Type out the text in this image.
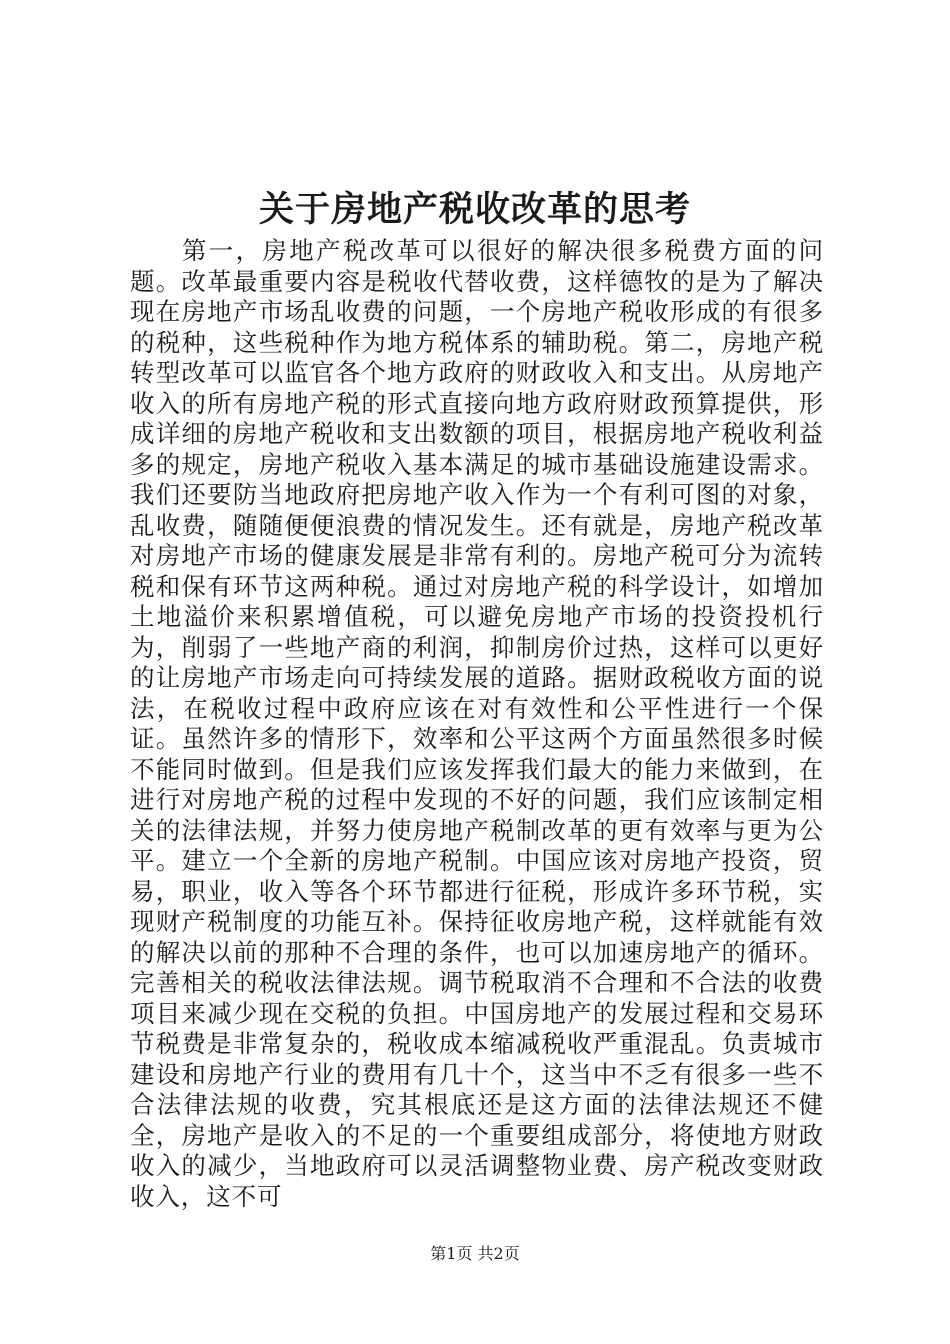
关于房地产税收改革的思考

第一，房地产税改革可以很好的解决很多税费方面的问题。改革最重要内容是税收代替收费，这样德牧的是为了解决现在房地产市场乱收费的问题，一个房地产税收形成的有很多的税种，这些税种作为地方税体系的辅助税。第二，房地产税转型改革可以监官各个地方政府的财政收入和支出。从房地产收入的所有房地产税的形式直接向地方政府财政预算提供，形成详细的房地产税收和支出数额的项目，根据房地产税收利益多的规定，房地产税收入基本满足的城市基础设施建设需求。我们还要防当地政府把房地产收入作为一个有利可图的对象，乱收费，随随便便浪费的情况发生。还有就是，房地产税改革对房地产市场的健康发展是非常有利的。房地产税可分为流转税和保有环节这两种税。通过对房地产税的科学设计，如增加土地溢价来积累增值税，可以避免房地产市场的投资投机行为，削弱了一些地产商的利润，抑制房价过热，这样可以更好的让房地产市场走向可持续发展的道路。据财政税收方面的说法，在税收过程中政府应该在对有效性和公平性进行一个保证。虽然许多的情形下，效率和公平这两个方面虽然很多时候不能同时做到。但是我们应该发挥我们最大的能力来做到，在进行对房地产税的过程中发现的不好的问题，我们应该制定相关的法律法规，并努力使房地产税制改革的更有效率与更为公平。建立一个全新的房地产税制。中国应该对房地产投资，贸易，职业，收入等各个环节都进行征税，形成许多环节税，实现财产税制度的功能互补。保持征收房地产税，这样就能有效的解决以前的那种不合理的条件，也可以加速房地产的循环。完善相关的税收法律法规。调节税取消不合理和不合法的收费项目来减少现在交税的负担。中国房地产的发展过程和交易环节税费是非常复杂的，税收成本缩减税收严重混乱。负责城市建设和房地产行业的费用有几十个，这当中不乏有很多一些不合法律法规的收费，究其根底还是这方面的法律法规还不健全，房地产是收入的不足的一个重要组成部分，将使地方财政收入的减少，当地政府可以灵活调整物业费、房产税改变财政收入，这不可

第1页 共2页
